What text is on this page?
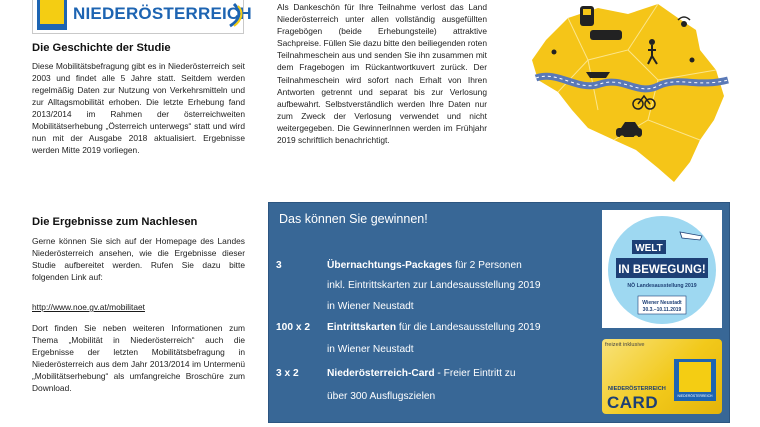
NIEDERÖSTERREICH
Die Geschichte der Studie
Diese Mobilitätsbefragung gibt es in Niederösterreich seit 2003 und findet alle 5 Jahre statt. Seitdem werden regelmäßig Daten zur Nutzung von Verkehrsmitteln und zur Alltagsmobilität erhoben. Die letzte Erhebung fand 2013/2014 im Rahmen der österreichweiten Mobilitätserhebung „Österreich unterwegs“ statt und wird nun mit der Ausgabe 2018 aktualisiert. Ergebnisse werden Mitte 2019 vorliegen.
Die Ergebnisse zum Nachlesen
Gerne können Sie sich auf der Homepage des Landes Niederösterreich ansehen, wie die Ergebnisse dieser Studie aufbereitet werden. Rufen Sie dazu bitte folgenden Link auf:
http://www.noe.gv.at/mobilitaet
Dort finden Sie neben weiteren Informationen zum Thema „Mobilität in Niederösterreich“ auch die Ergebnisse der letzten Mobilitätsbefragung in Niederösterreich aus dem Jahr 2013/2014 im Untermenü „Mobilitätserhebung“ als umfangreiche Broschüre zum Download.
Als Dankeschön für Ihre Teilnahme verlost das Land Niederösterreich unter allen vollständig ausgefüllten Fragebögen (beide Erhebungsteile) attraktive Sachpreise. Füllen Sie dazu bitte den beiliegenden roten Teilnahmeschein aus und senden Sie ihn zusammen mit dem Fragebogen im Rückantwortkuvert zurück. Der Teilnahmeschein wird sofort nach Erhalt von Ihren Antworten getrennt und separat bis zur Verlosung aufbewahrt. Selbstverständlich werden Ihre Daten nur zum Zweck der Verlosung verwendet und nicht weitergegeben. Die GewinnerInnen werden im Frühjahr 2019 schriftlich benachrichtigt.
Das können Sie gewinnen!
3	Übernachtungs-Packages für 2 Personen
inkl. Eintrittskarten zur Landesausstellung 2019
in Wiener Neustadt
100 x 2	Eintrittskarten für die Landesausstellung 2019
in Wiener Neustadt
3 x 2	Niederösterreich-Card - Freier Eintritt zu
über 300 Ausflugszielen
WELT
IN BEWEGUNG!
NÖ Landesausstellung 2019
Wiener Neustadt
30.3.–10.11.2019
freizeit inklusive
NIEDERÖSTERREICH
NIEDERÖSTERREICH
CARD
